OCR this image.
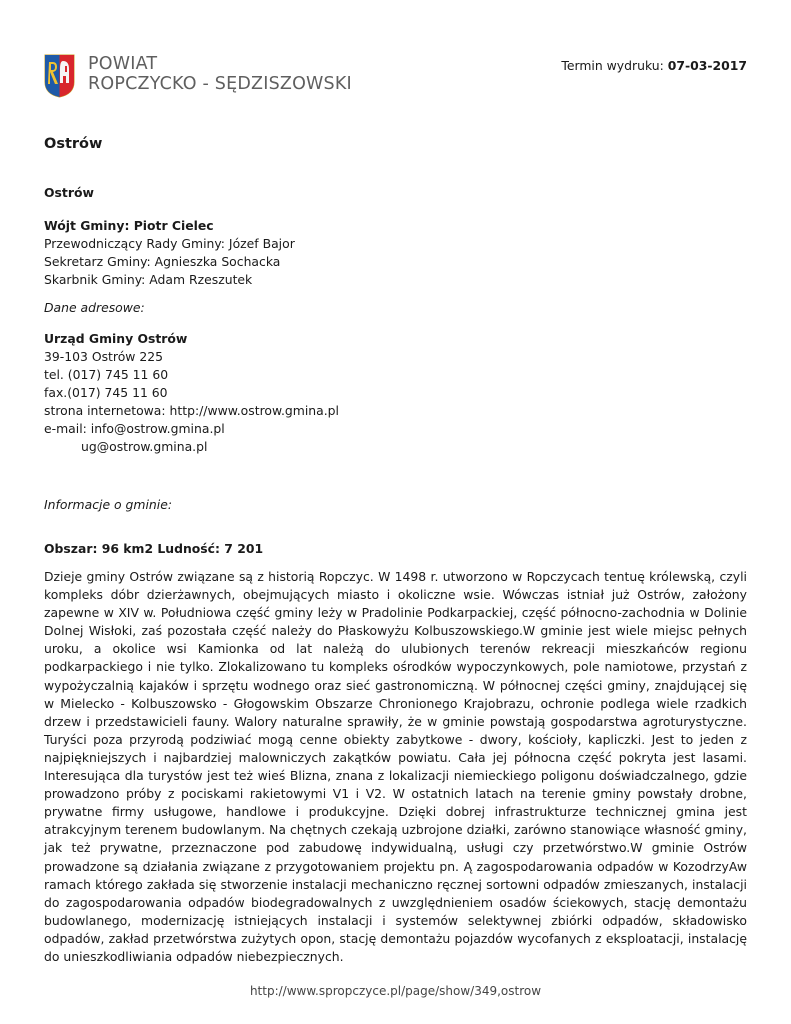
POWIAT
ROPCZYCKO - SĘDZISZOWSKI
Termin wydruku: 07-03-2017
Ostrów
Ostrów
Wójt Gminy: Piotr Cielec
Przewodniczący Rady Gminy: Józef Bajor
Sekretarz Gminy: Agnieszka Sochacka
Skarbnik Gminy: Adam Rzeszutek
Dane adresowe:
Urząd Gminy Ostrów
39-103 Ostrów 225
tel. (017) 745 11 60
fax.(017) 745 11 60
strona internetowa: http://www.ostrow.gmina.pl
e-mail: info@ostrow.gmina.pl
ug@ostrow.gmina.pl
Informacje o gminie:
Obszar: 96 km2 Ludność: 7 201
Dzieje gminy Ostrów związane są z historią Ropczyc. W 1498 r. utworzono w Ropczycach tentuę królewską, czyli kompleks dóbr dzierżawnych, obejmujących miasto i okoliczne wsie. Wówczas istniał już Ostrów, założony zapewne w XIV w. Południowa część gminy leży w Pradolinie Podkarpackiej, część północno-zachodnia w Dolinie Dolnej Wisłoki, zaś pozostała część należy do Płaskowyżu Kolbuszowskiego.W gminie jest wiele miejsc pełnych uroku, a okolice wsi Kamionka od lat należą do ulubionych terenów rekreacji mieszkańców regionu podkarpackiego i nie tylko. Zlokalizowano tu kompleks ośrodków wypoczynkowych, pole namiotowe, przystań z wypożyczalnią kajaków i sprzętu wodnego oraz sieć gastronomiczną. W północnej części gminy, znajdującej się w Mielecko - Kolbuszowsko - Głogowskim Obszarze Chronionego Krajobrazu, ochronie podlega wiele rzadkich drzew i przedstawicieli fauny. Walory naturalne sprawiły, że w gminie powstają gospodarstwa agroturystyczne. Turyści poza przyrodą podziwiać mogą cenne obiekty zabytkowe - dwory, kościoły, kapliczki. Jest to jeden z najpiękniejszych i najbardziej malowniczych zakątków powiatu. Cała jej północna część pokryta jest lasami. Interesująca dla turystów jest też wieś Blizna, znana z lokalizacji niemieckiego poligonu doświadczalnego, gdzie prowadzono próby z pociskami rakietowymi V1 i V2. W ostatnich latach na terenie gminy powstały drobne, prywatne firmy usługowe, handlowe i produkcyjne. Dzięki dobrej infrastrukturze technicznej gmina jest atrakcyjnym terenem budowlanym. Na chętnych czekają uzbrojone działki, zarówno stanowiące własność gminy, jak też prywatne, przeznaczone pod zabudowę indywidualną, usługi czy przetwórstwo.W gminie Ostrów prowadzone są działania związane z przygotowaniem projektu pn. Ą zagospodarowania odpadów w KozodrzyAw ramach którego zakłada się stworzenie instalacji mechaniczno ręcznej sortowni odpadów zmieszanych, instalacji do zagospodarowania odpadów biodegradowalnych z uwzględnieniem osadów ściekowych, stację demontażu budowlanego, modernizację istniejących instalacji i systemów selektywnej zbiórki odpadów, składowisko odpadów, zakład przetwórstwa zużytych opon, stację demontażu pojazdów wycofanych z eksploatacji, instalację do unieszkodliwiania odpadów niebezpiecznych.
http://www.spropczyce.pl/page/show/349,ostrow
